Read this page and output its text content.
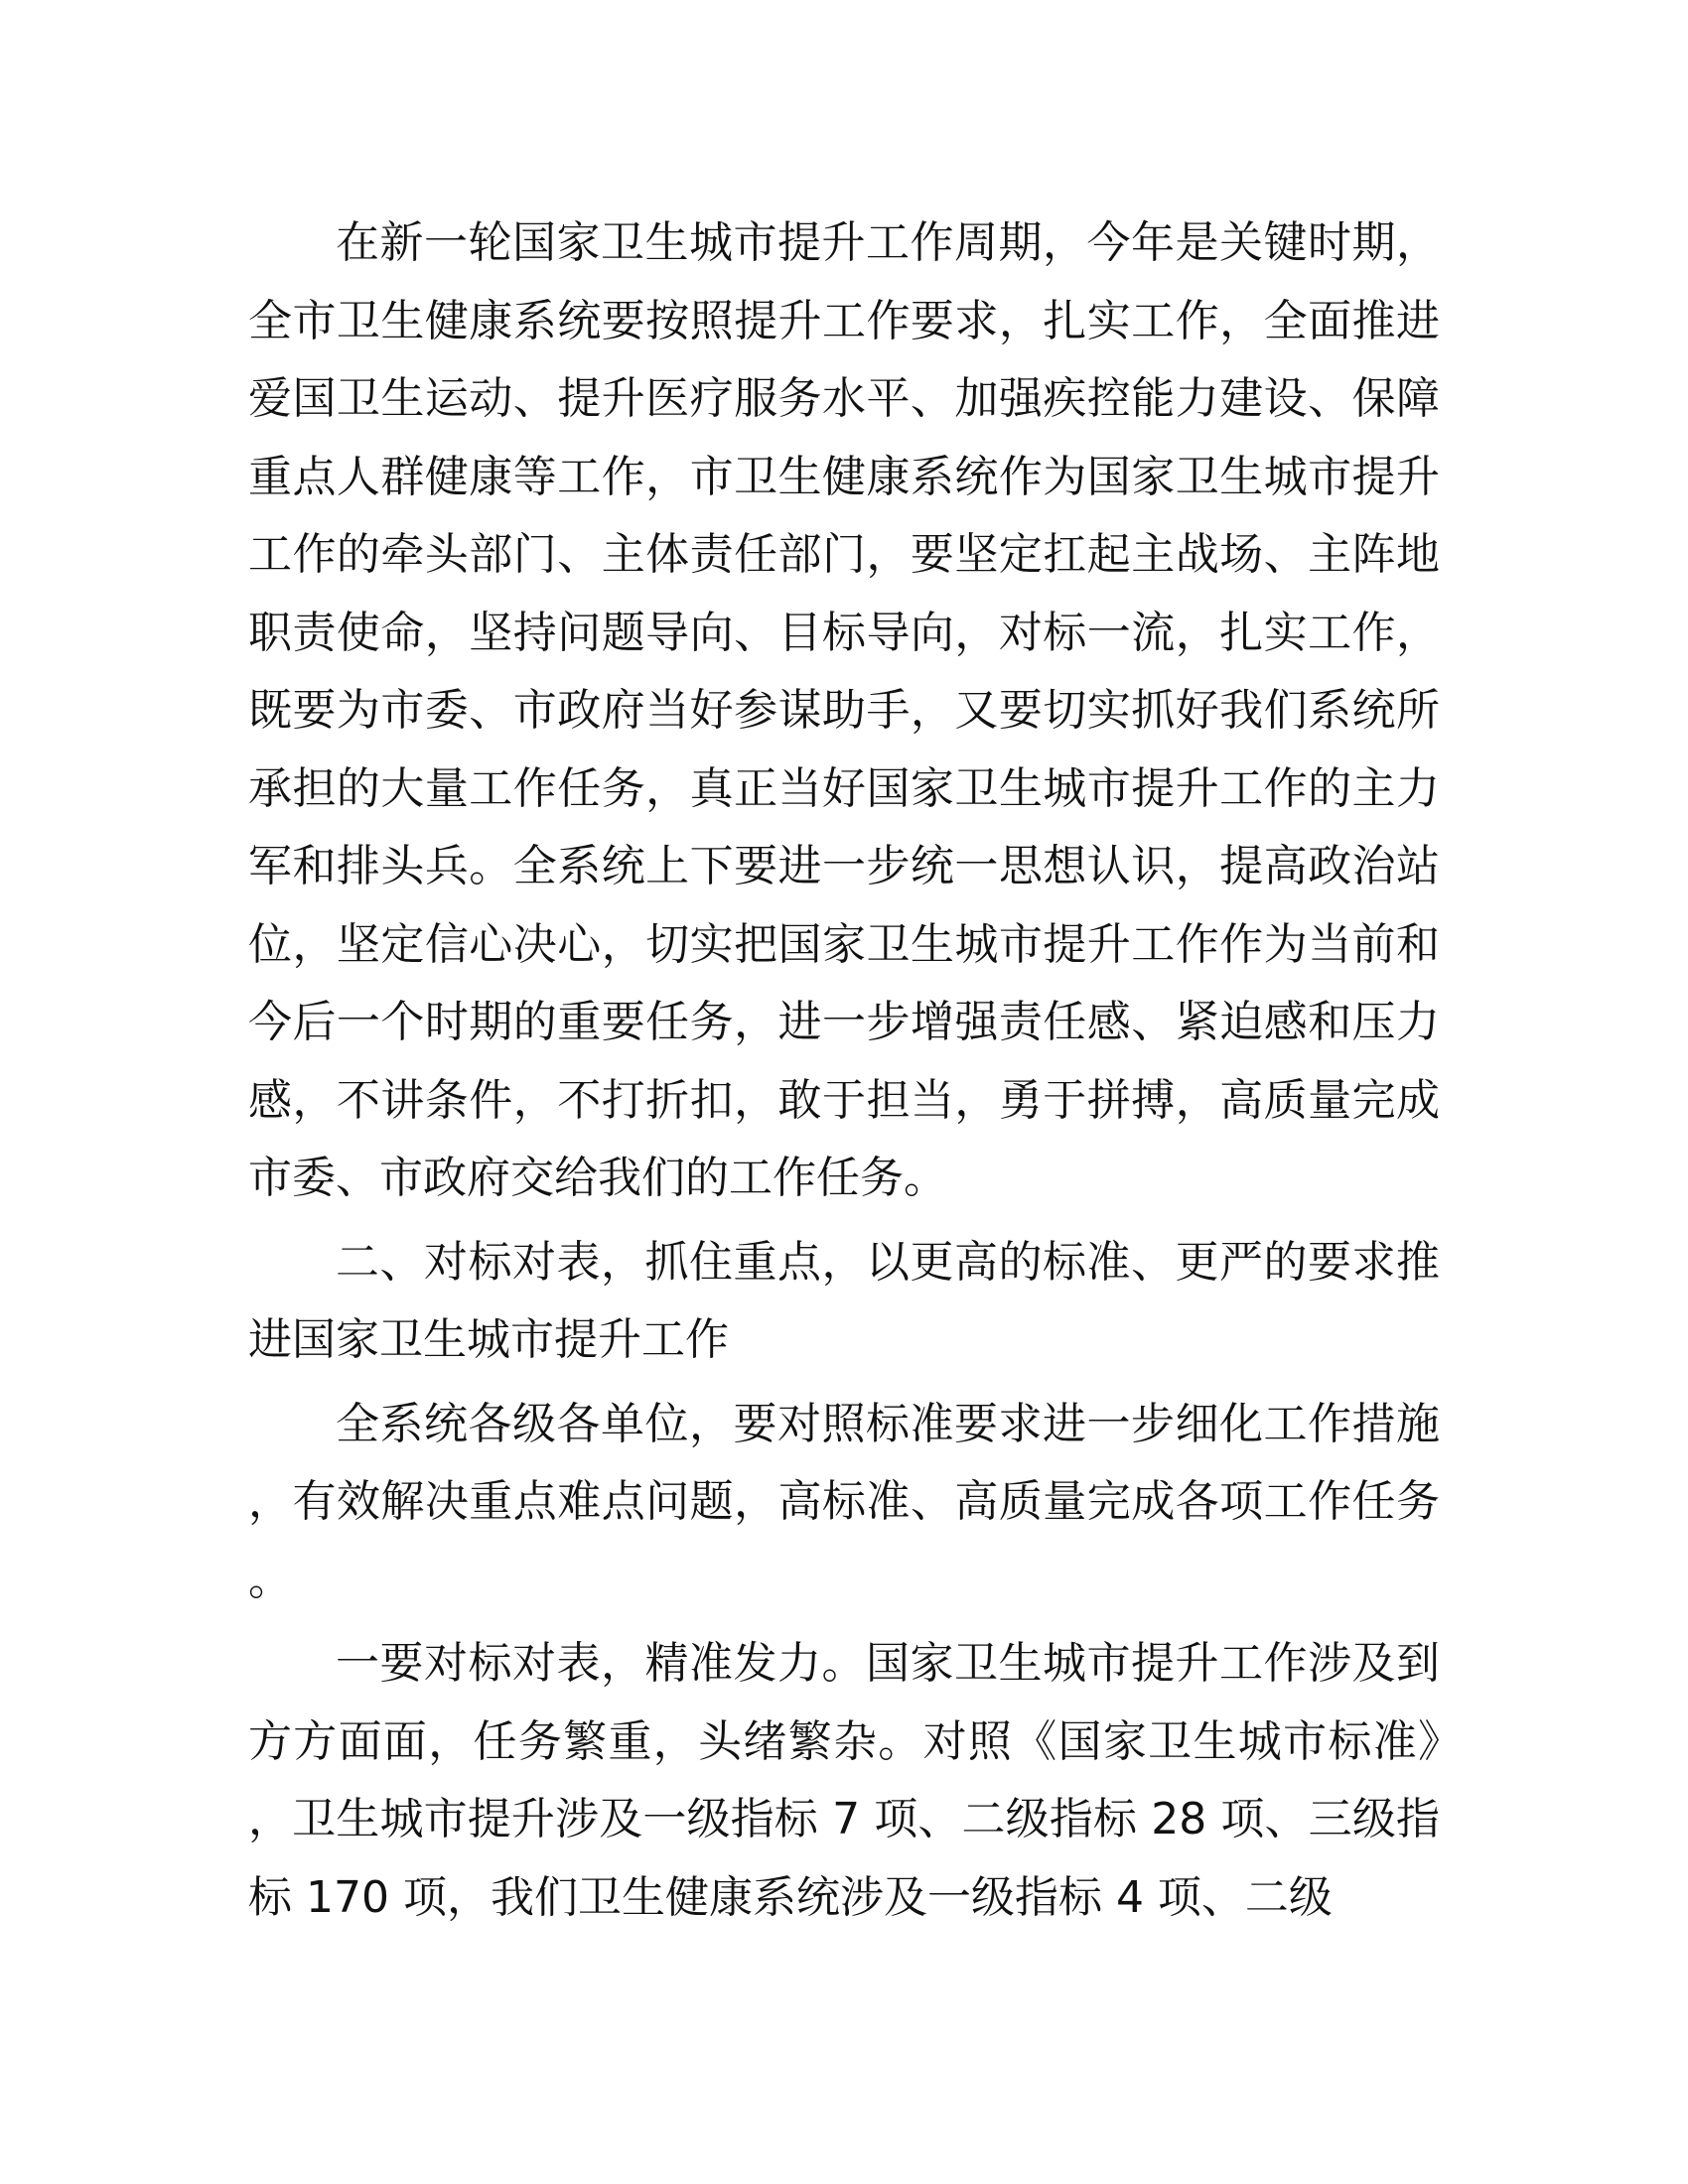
在新一轮国家卫生城市提升工作周期，今年是关键时期，全市卫生健康系统要按照提升工作要求，扎实工作，全面推进爱国卫生运动、提升医疗服务水平、加强疾控能力建设、保障重点人群健康等工作，市卫生健康系统作为国家卫生城市提升工作的牵头部门、主体责任部门，要坚定扛起主战场、主阵地职责使命，坚持问题导向、目标导向，对标一流，扎实工作，既要为市委、市政府当好参谋助手，又要切实抓好我们系统所承担的大量工作任务，真正当好国家卫生城市提升工作的主力军和排头兵。全系统上下要进一步统一思想认识，提高政治站位，坚定信心决心，切实把国家卫生城市提升工作作为当前和今后一个时期的重要任务，进一步增强责任感、紧迫感和压力感，不讲条件，不打折扣，敢于担当，勇于拼搏，高质量完成市委、市政府交给我们的工作任务。

二、对标对表，抓住重点，以更高的标准、更严的要求推进国家卫生城市提升工作

全系统各级各单位，要对照标准要求进一步细化工作措施，有效解决重点难点问题，高标准、高质量完成各项工作任务。

一要对标对表，精准发力。国家卫生城市提升工作涉及到方方面面，任务繁重，头绪繁杂。对照《国家卫生城市标准》，卫生城市提升涉及一级指标 7 项、二级指标 28 项、三级指标 170 项，我们卫生健康系统涉及一级指标 4 项、二级
